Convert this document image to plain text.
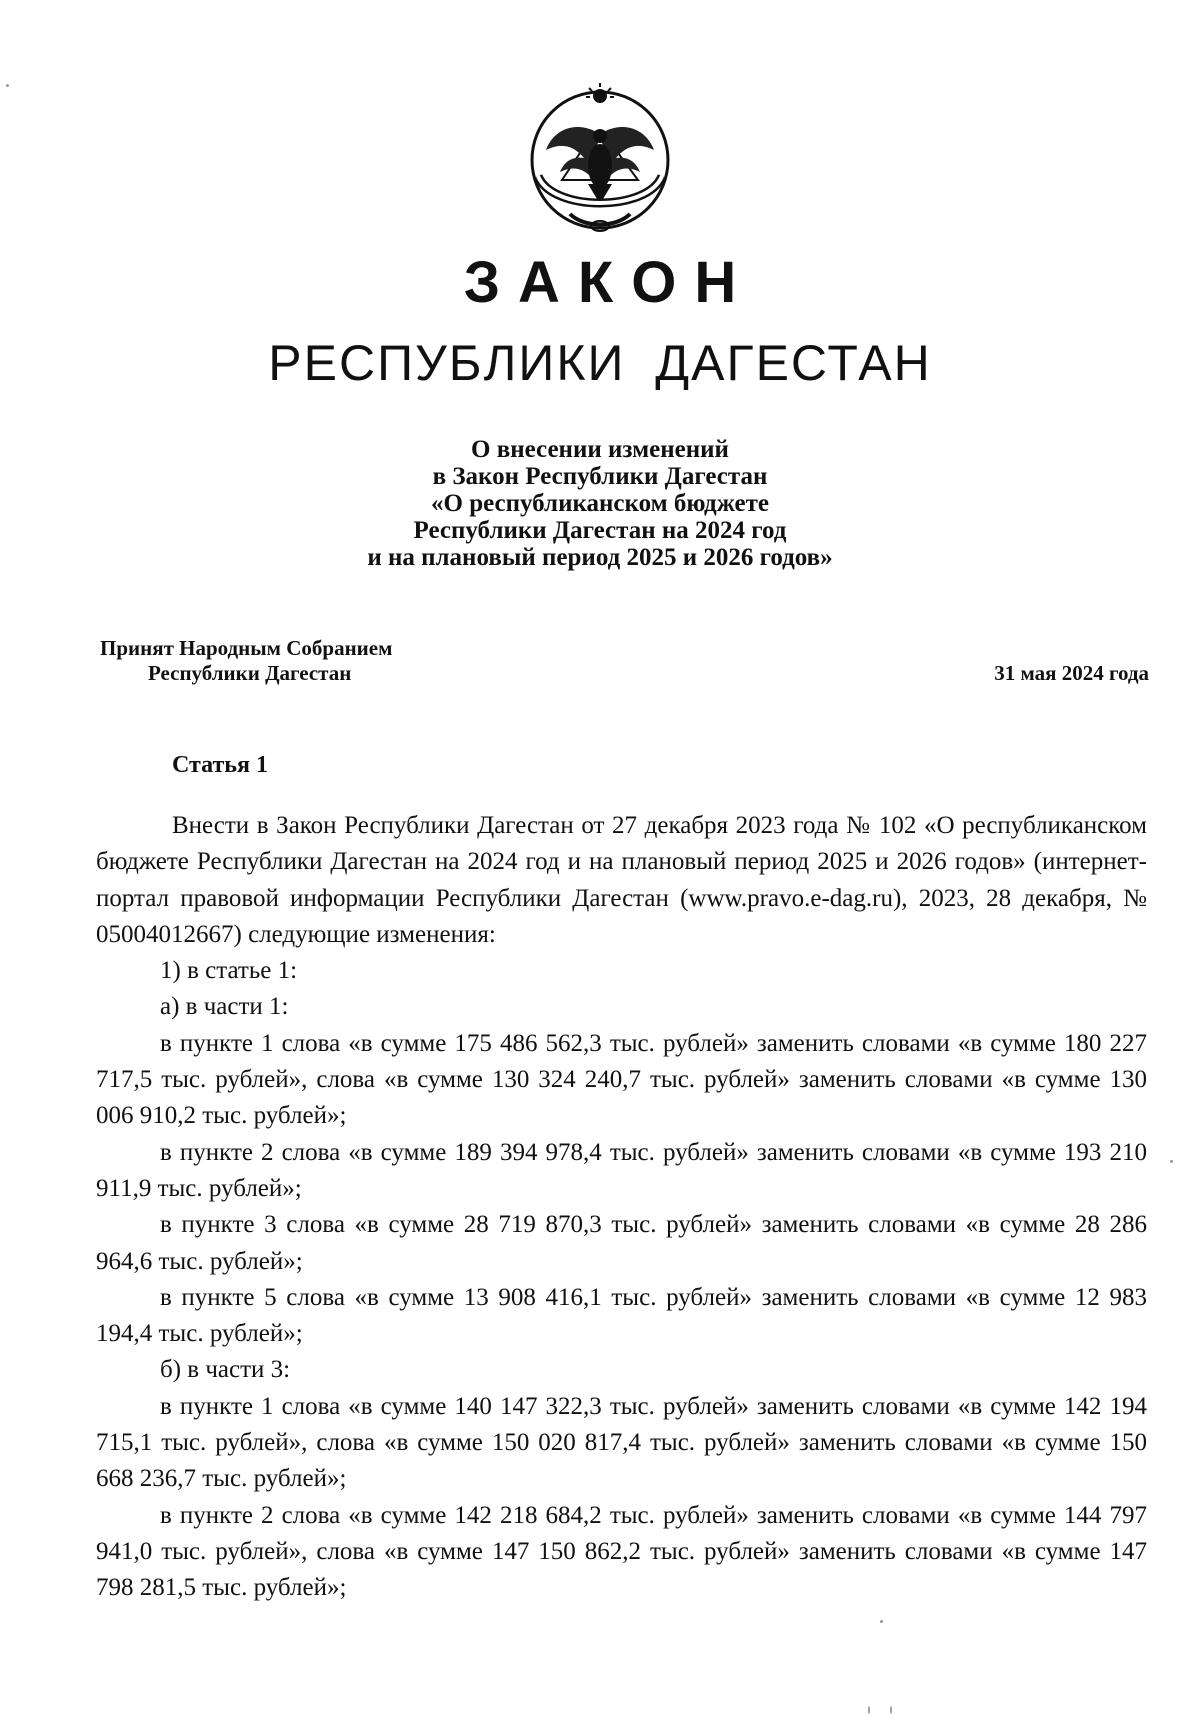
ЗАКОН
РЕСПУБЛИКИ ДАГЕСТАН
О внесении изменений
в Закон Республики Дагестан
«О республиканском бюджете
Республики Дагестан на 2024 год
и на плановый период 2025 и 2026 годов»
Принят Народным Собранием
Республики Дагестан	31 мая 2024 года
Статья 1

Внести в Закон Республики Дагестан от 27 декабря 2023 года № 102 «О республиканском бюджете Республики Дагестан на 2024 год и на плановый период 2025 и 2026 годов» (интернет-портал правовой информации Республики Дагестан (www.pravo.e-dag.ru), 2023, 28 декабря, № 05004012667) следующие изменения:

1) в статье 1:

а) в части 1:

в пункте 1 слова «в сумме 175 486 562,3 тыс. рублей» заменить словами «в сумме 180 227 717,5 тыс. рублей», слова «в сумме 130 324 240,7 тыс. рублей» заменить словами «в сумме 130 006 910,2 тыс. рублей»;

в пункте 2 слова «в сумме 189 394 978,4 тыс. рублей» заменить словами «в сумме 193 210 911,9 тыс. рублей»;

в пункте 3 слова «в сумме 28 719 870,3 тыс. рублей» заменить словами «в сумме 28 286 964,6 тыс. рублей»;

в пункте 5 слова «в сумме 13 908 416,1 тыс. рублей» заменить словами «в сумме 12 983 194,4 тыс. рублей»;

б) в части 3:

в пункте 1 слова «в сумме 140 147 322,3 тыс. рублей» заменить словами «в сумме 142 194 715,1 тыс. рублей», слова «в сумме 150 020 817,4 тыс. рублей» заменить словами «в сумме 150 668 236,7 тыс. рублей»;

в пункте 2 слова «в сумме 142 218 684,2 тыс. рублей» заменить словами «в сумме 144 797 941,0 тыс. рублей», слова «в сумме 147 150 862,2 тыс. рублей» заменить словами «в сумме 147 798 281,5 тыс. рублей»;
